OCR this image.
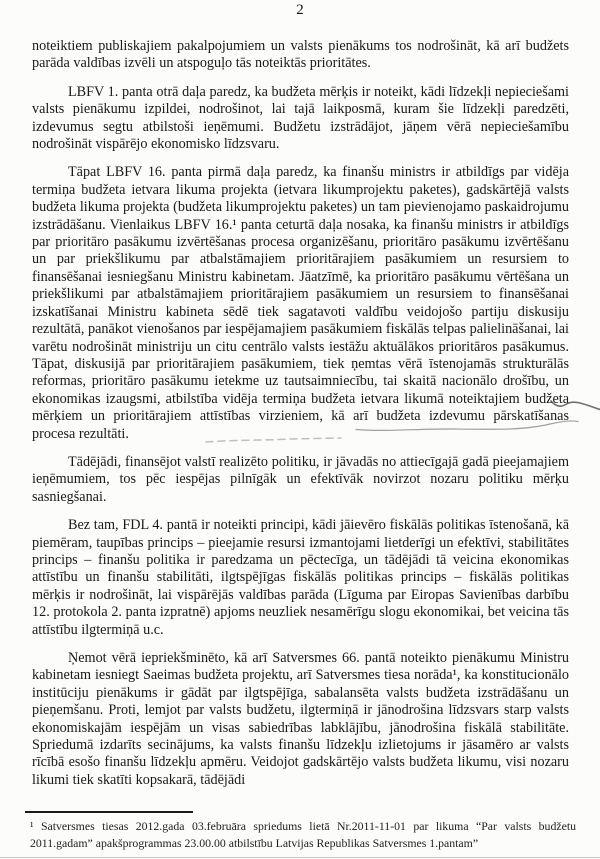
2

noteiktiem publiskajiem pakalpojumiem un valsts pienākums tos nodrošināt, kā arī budžets parāda valdības izvēli un atspoguļo tās noteiktās prioritātes.

LBFV 1. panta otrā daļa paredz, ka budžeta mērķis ir noteikt, kādi līdzekļi nepieciešami valsts pienākumu izpildei, nodrošinot, lai tajā laikposmā, kuram šie līdzekļi paredzēti, izdevumus segtu atbilstoši ieņēmumi. Budžetu izstrādājot, jāņem vērā nepieciešamību nodrošināt vispārējo ekonomisko līdzsvaru.

Tāpat LBFV 16. panta pirmā daļa paredz, ka finanšu ministrs ir atbildīgs par vidēja termiņa budžeta ietvara likuma projekta (ietvara likumprojektu paketes), gadskārtējā valsts budžeta likuma projekta (budžeta likumprojektu paketes) un tam pievienojamo paskaidrojumu izstrādāšanu. Vienlaikus LBFV 16.¹ panta ceturtā daļa nosaka, ka finanšu ministrs ir atbildīgs par prioritāro pasākumu izvērtēšanas procesa organizēšanu, prioritāro pasākumu izvērtēšanu un par priekšlikumu par atbalstāmajiem prioritārajiem pasākumiem un resursiem to finansēšanai iesniegšanu Ministru kabinetam. Jāatzīmē, ka prioritāro pasākumu vērtēšana un priekšlikumi par atbalstāmajiem prioritārajiem pasākumiem un resursiem to finansēšanai izskatīšanai Ministru kabineta sēdē tiek sagatavoti valdību veidojošo partiju diskusiju rezultātā, panākot vienošanos par iespējamajiem pasākumiem fiskālās telpas palielināšanai, lai varētu nodrošināt ministriju un citu centrālo valsts iestāžu aktuālākos prioritāros pasākumus. Tāpat, diskusijā par prioritārajiem pasākumiem, tiek ņemtas vērā īstenojamās strukturālās reformas, prioritāro pasākumu ietekme uz tautsaimniecību, tai skaitā nacionālo drošību, un ekonomikas izaugsmi, atbilstība vidēja termiņa budžeta ietvara likumā noteiktajiem budžeta mērķiem un prioritārajiem attīstības virzieniem, kā arī budžeta izdevumu pārskatīšanas procesa rezultāti.

Tādējādi, finansējot valstī realizēto politiku, ir jāvadās no attiecīgajā gadā pieejamajiem ieņēmumiem, tos pēc iespējas pilnīgāk un efektīvāk novirzot nozaru politiku mērķu sasniegšanai.

Bez tam, FDL 4. pantā ir noteikti principi, kādi jāievēro fiskālās politikas īstenošanā, kā piemēram, taupības princips – pieejamie resursi izmantojami lietderīgi un efektīvi, stabilitātes princips – finanšu politika ir paredzama un pēctecīga, un tādējādi tā veicina ekonomikas attīstību un finanšu stabilitāti, ilgtspējīgas fiskālās politikas princips – fiskālās politikas mērķis ir nodrošināt, lai vispārējās valdības parāda (Līguma par Eiropas Savienības darbību 12. protokola 2. panta izpratnē) apjoms neuzliek nesamērīgu slogu ekonomikai, bet veicina tās attīstību ilgtermiņā u.c.

Ņemot vērā iepriekšminēto, kā arī Satversmes 66. pantā noteikto pienākumu Ministru kabinetam iesniegt Saeimas budžeta projektu, arī Satversmes tiesa norāda¹, ka konstitucionālo institūciju pienākums ir gādāt par ilgtspējīga, sabalansēta valsts budžeta izstrādāšanu un pieņemšanu. Proti, lemjot par valsts budžetu, ilgtermiņā ir jānodrošina līdzsvars starp valsts ekonomiskajām iespējām un visas sabiedrības labklājību, jānodrošina fiskālā stabilitāte. Spriedumā izdarīts secinājums, ka valsts finanšu līdzekļu izlietojums ir jāsamēro ar valsts rīcībā esošo finanšu līdzekļu apmēru. Veidojot gadskārtējo valsts budžeta likumu, visi nozaru likumi tiek skatīti kopsakarā, tādējādi

¹ Satversmes tiesas 2012.gada 03.februāra spriedums lietā Nr.2011-11-01 par likuma “Par valsts budžetu 2011.gadam” apakšprogrammas 23.00.00 atbilstību Latvijas Republikas Satversmes 1.pantam”
